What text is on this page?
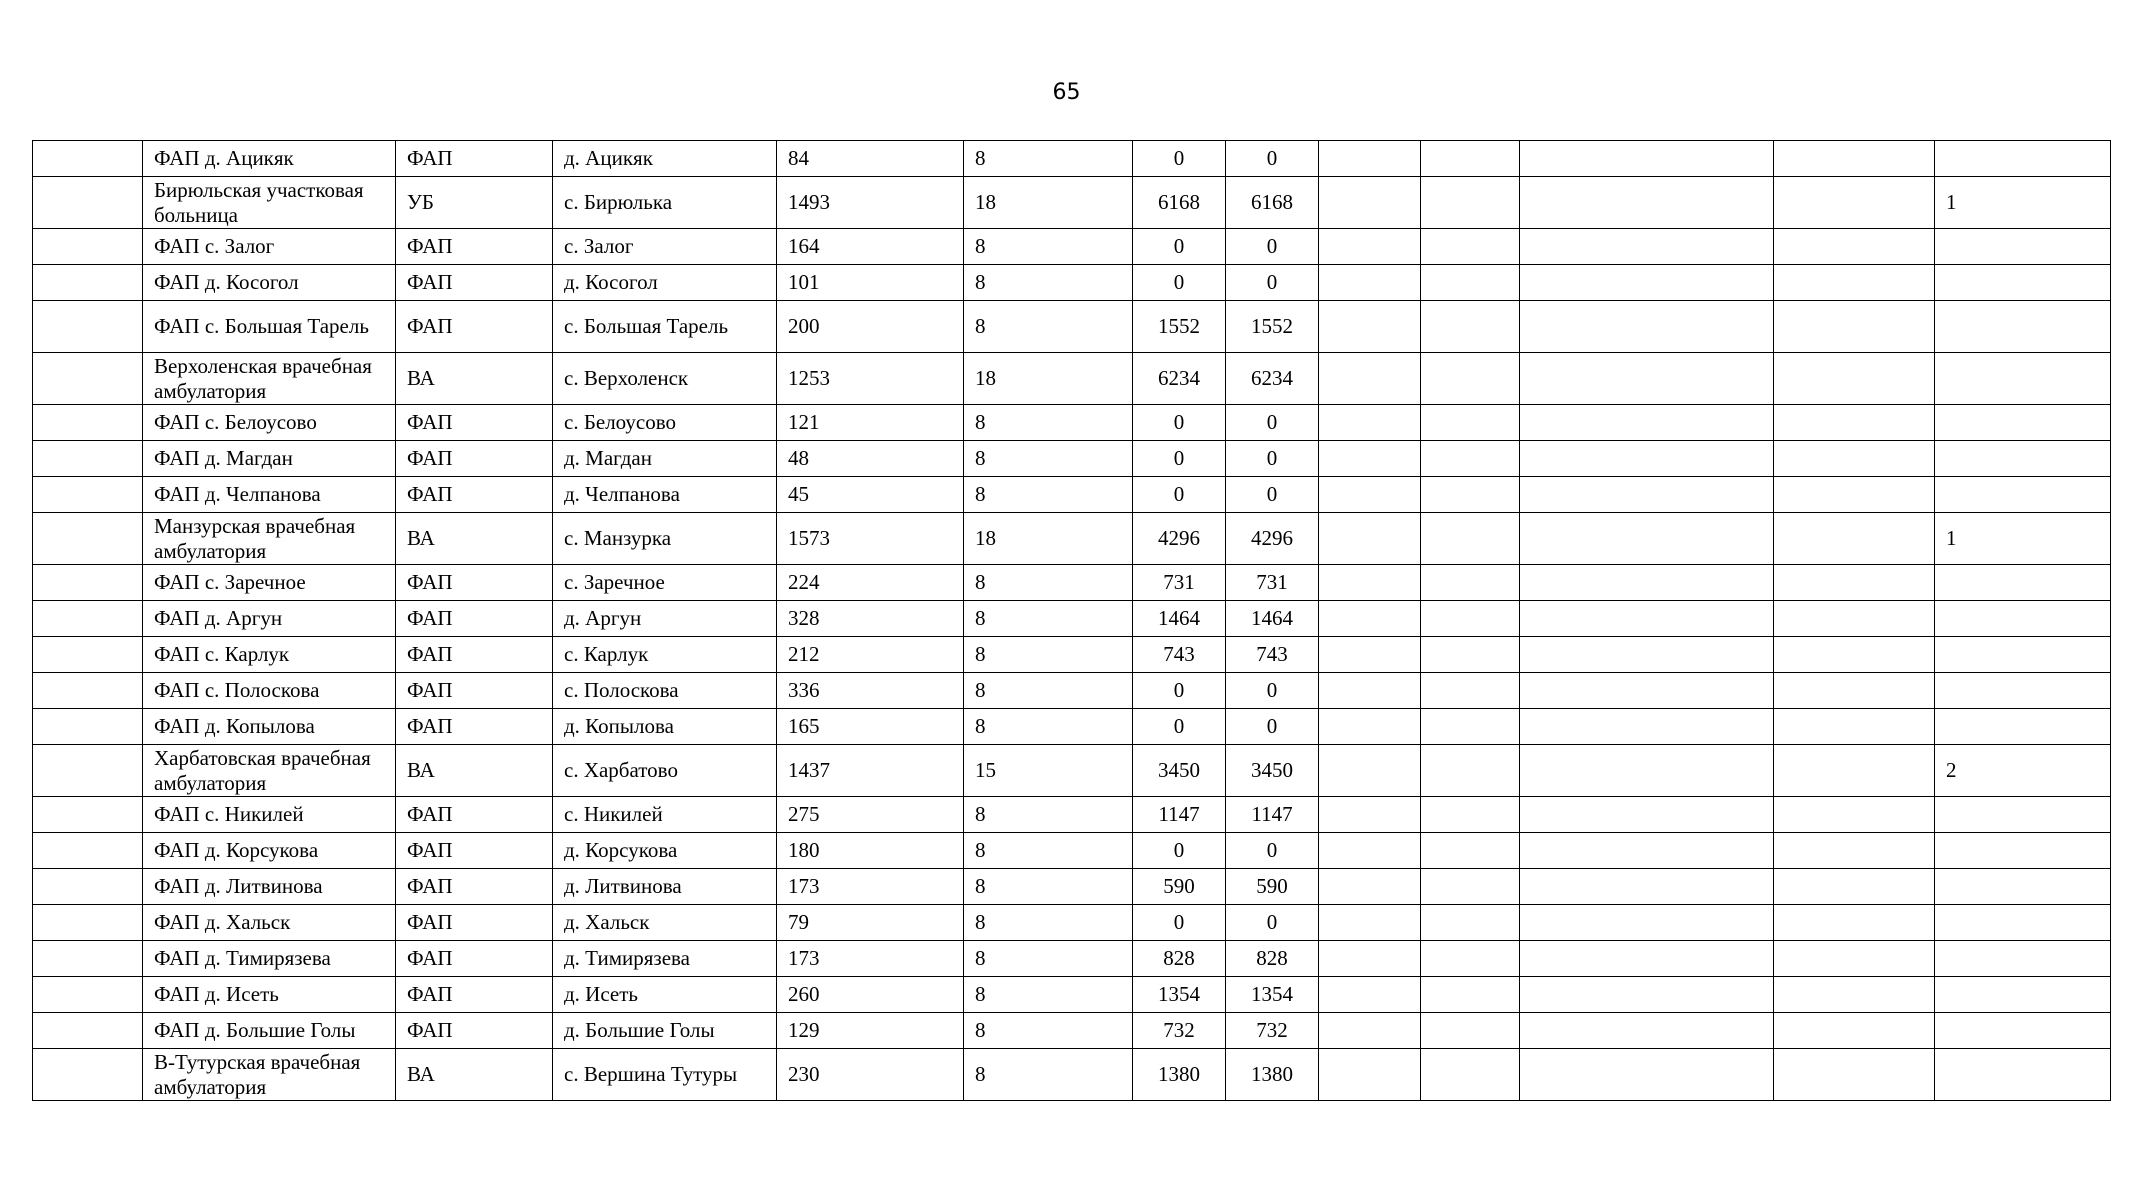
65
	ФАП д. Ацикяк	ФАП	д. Ацикяк	84	8	0	0					
	Бирюльская участковая больница	УБ	с. Бирюлька	1493	18	6168	6168					1
	ФАП с. Залог	ФАП	с. Залог	164	8	0	0					
	ФАП д. Косогол	ФАП	д. Косогол	101	8	0	0					
	ФАП с. Большая Тарель	ФАП	с. Большая Тарель	200	8	1552	1552					
	Верхоленская врачебная амбулатория	ВА	с. Верхоленск	1253	18	6234	6234					
	ФАП с. Белоусово	ФАП	с. Белоусово	121	8	0	0					
	ФАП д. Магдан	ФАП	д. Магдан	48	8	0	0					
	ФАП д. Челпанова	ФАП	д. Челпанова	45	8	0	0					
	Манзурская врачебная амбулатория	ВА	с. Манзурка	1573	18	4296	4296					1
	ФАП с. Заречное	ФАП	с. Заречное	224	8	731	731					
	ФАП д. Аргун	ФАП	д. Аргун	328	8	1464	1464					
	ФАП с. Карлук	ФАП	с. Карлук	212	8	743	743					
	ФАП с. Полоскова	ФАП	с. Полоскова	336	8	0	0					
	ФАП д. Копылова	ФАП	д. Копылова	165	8	0	0					
	Харбатовская врачебная амбулатория	ВА	с. Харбатово	1437	15	3450	3450					2
	ФАП с. Никилей	ФАП	с. Никилей	275	8	1147	1147					
	ФАП д. Корсукова	ФАП	д. Корсукова	180	8	0	0					
	ФАП д. Литвинова	ФАП	д. Литвинова	173	8	590	590					
	ФАП д. Хальск	ФАП	д. Хальск	79	8	0	0					
	ФАП д. Тимирязева	ФАП	д. Тимирязева	173	8	828	828					
	ФАП д. Исеть	ФАП	д. Исеть	260	8	1354	1354					
	ФАП д. Большие Голы	ФАП	д. Большие Голы	129	8	732	732					
	В-Тутурская врачебная амбулатория	ВА	с. Вершина Тутуры	230	8	1380	1380					
